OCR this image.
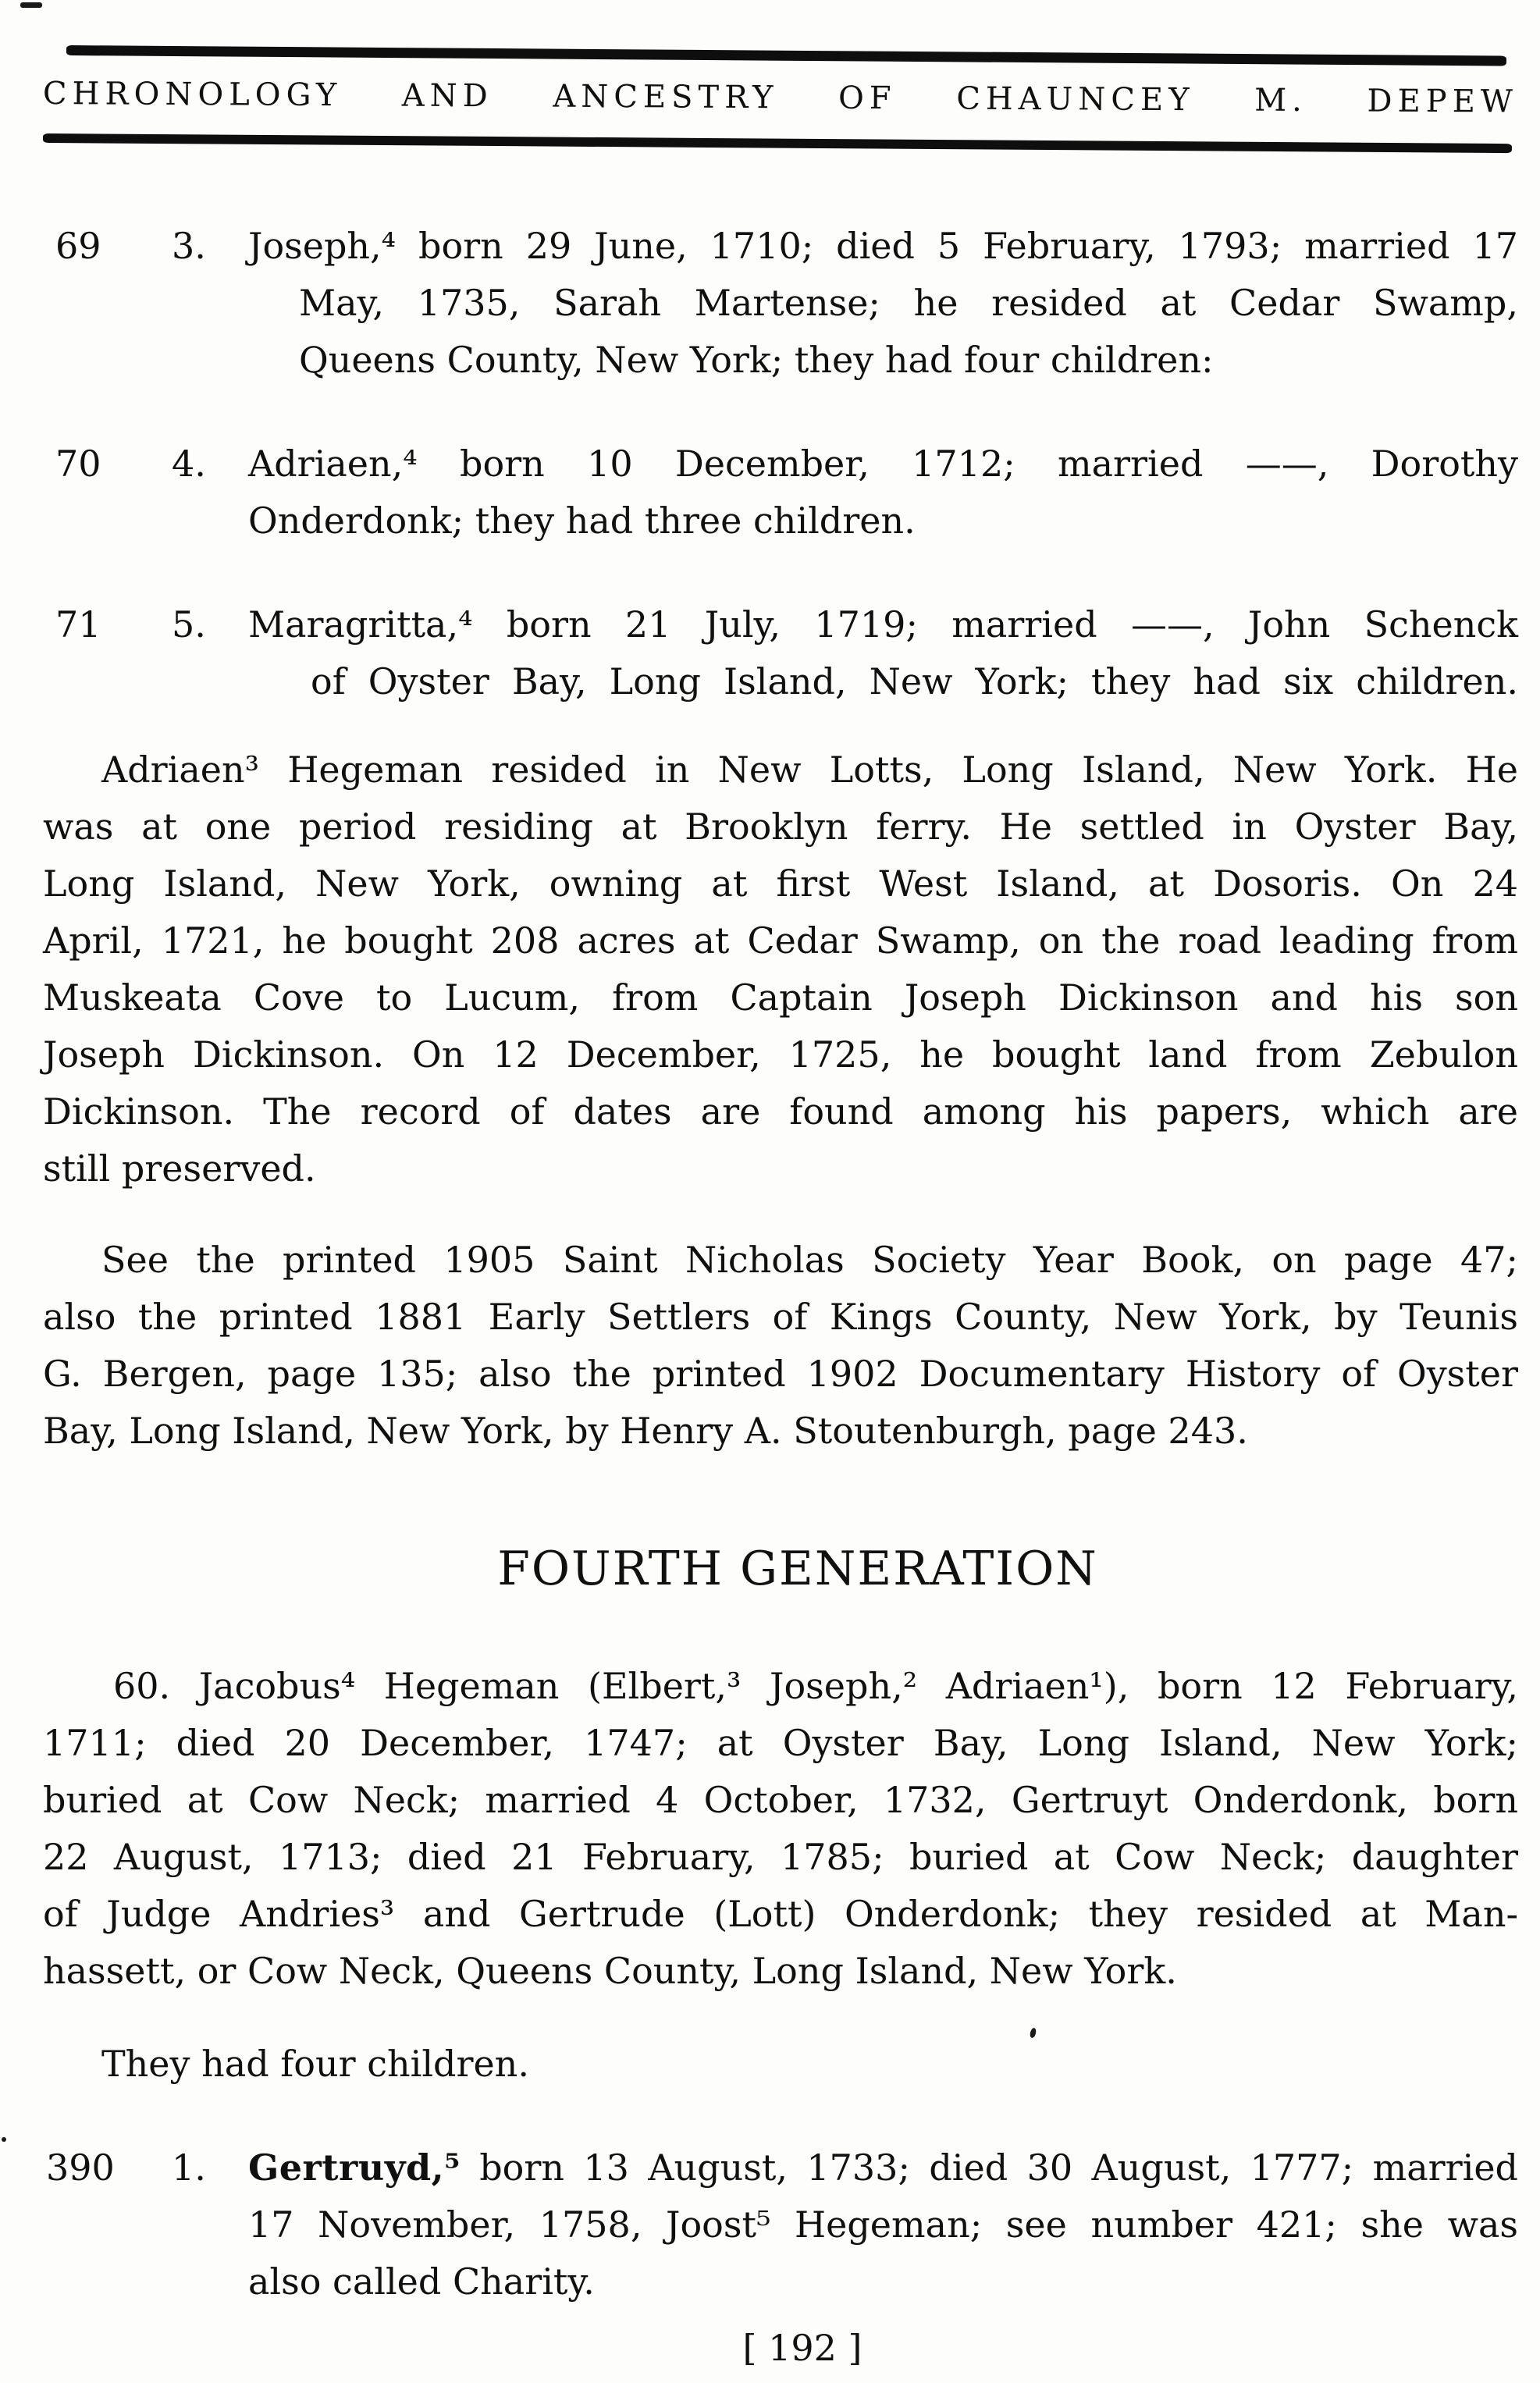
CHRONOLOGY AND ANCESTRY OF CHAUNCEY M. DEPEW
69	3.	Joseph,⁴ born 29 June, 1710; died 5 February, 1793; married 17
May, 1735, Sarah Martense; he resided at Cedar Swamp,
Queens County, New York; they had four children:
70	4.	Adriaen,⁴ born 10 December, 1712; married ——, Dorothy
Onderdonk; they had three children.
71	5.	Maragritta,⁴ born 21 July, 1719; married ——, John Schenck
of Oyster Bay, Long Island, New York; they had six children.
Adriaen³ Hegeman resided in New Lotts, Long Island, New York. He
was at one period residing at Brooklyn ferry. He settled in Oyster Bay,
Long Island, New York, owning at first West Island, at Dosoris. On 24
April, 1721, he bought 208 acres at Cedar Swamp, on the road leading from
Muskeata Cove to Lucum, from Captain Joseph Dickinson and his son
Joseph Dickinson. On 12 December, 1725, he bought land from Zebulon
Dickinson. The record of dates are found among his papers, which are
still preserved.
See the printed 1905 Saint Nicholas Society Year Book, on page 47;
also the printed 1881 Early Settlers of Kings County, New York, by Teunis
G. Bergen, page 135; also the printed 1902 Documentary History of Oyster
Bay, Long Island, New York, by Henry A. Stoutenburgh, page 243.
FOURTH GENERATION
60. Jacobus⁴ Hegeman (Elbert,³ Joseph,² Adriaen¹), born 12 February,
1711; died 20 December, 1747; at Oyster Bay, Long Island, New York;
buried at Cow Neck; married 4 October, 1732, Gertruyt Onderdonk, born
22 August, 1713; died 21 February, 1785; buried at Cow Neck; daughter
of Judge Andries³ and Gertrude (Lott) Onderdonk; they resided at Man-
hassett, or Cow Neck, Queens County, Long Island, New York.
They had four children.
390	1.	Gertruyd,⁵ born 13 August, 1733; died 30 August, 1777; married
17 November, 1758, Joost⁵ Hegeman; see number 421; she was
also called Charity.
[ 192 ]
